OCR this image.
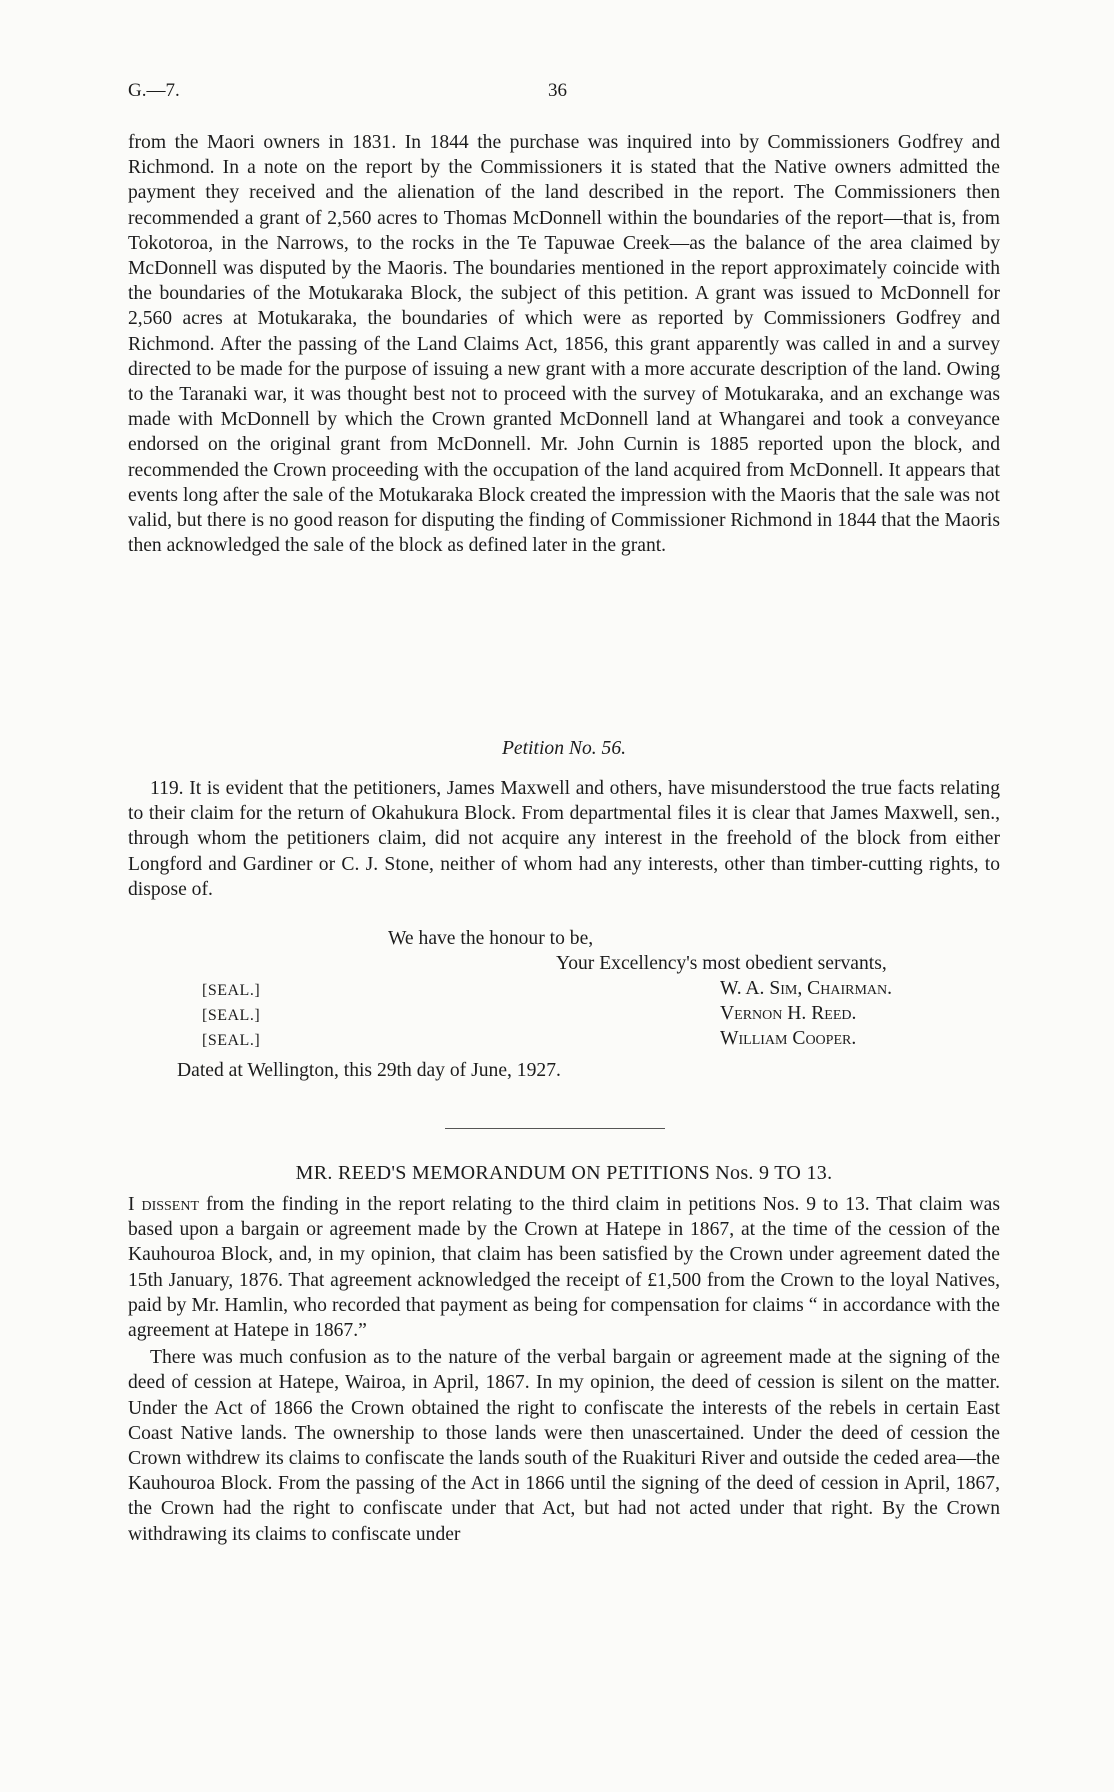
G.—7.	36

from the Maori owners in 1831. In 1844 the purchase was inquired into by Commissioners Godfrey and Richmond. In a note on the report by the Commissioners it is stated that the Native owners admitted the payment they received and the alienation of the land described in the report. The Commissioners then recommended a grant of 2,560 acres to Thomas McDonnell within the boundaries of the report—that is, from Tokotoroa, in the Narrows, to the rocks in the Te Tapuwae Creek—as the balance of the area claimed by McDonnell was disputed by the Maoris. The boundaries mentioned in the report approximately coincide with the boundaries of the Motukaraka Block, the subject of this petition. A grant was issued to McDonnell for 2,560 acres at Motukaraka, the boundaries of which were as reported by Commissioners Godfrey and Richmond. After the passing of the Land Claims Act, 1856, this grant apparently was called in and a survey directed to be made for the purpose of issuing a new grant with a more accurate description of the land. Owing to the Taranaki war, it was thought best not to proceed with the survey of Motukaraka, and an exchange was made with McDonnell by which the Crown granted McDonnell land at Whangarei and took a conveyance endorsed on the original grant from McDonnell. Mr. John Curnin is 1885 reported upon the block, and recommended the Crown proceeding with the occupation of the land acquired from McDonnell. It appears that events long after the sale of the Motukaraka Block created the impression with the Maoris that the sale was not valid, but there is no good reason for disputing the finding of Commissioner Richmond in 1844 that the Maoris then acknowledged the sale of the block as defined later in the grant.

Petition No. 56.

119. It is evident that the petitioners, James Maxwell and others, have misunderstood the true facts relating to their claim for the return of Okahukura Block. From departmental files it is clear that James Maxwell, sen., through whom the petitioners claim, did not acquire any interest in the freehold of the block from either Longford and Gardiner or C. J. Stone, neither of whom had any interests, other than timber-cutting rights, to dispose of.

We have the honour to be,
Your Excellency's most obedient servants,
[SEAL.]
[SEAL.]
[SEAL.]
W. A. Sim, Chairman.
Vernon H. Reed.
William Cooper.
Dated at Wellington, this 29th day of June, 1927.
MR. REED'S MEMORANDUM ON PETITIONS Nos. 9 TO 13.

I dissent from the finding in the report relating to the third claim in petitions Nos. 9 to 13. That claim was based upon a bargain or agreement made by the Crown at Hatepe in 1867, at the time of the cession of the Kauhouroa Block, and, in my opinion, that claim has been satisfied by the Crown under agreement dated the 15th January, 1876. That agreement acknowledged the receipt of £1,500 from the Crown to the loyal Natives, paid by Mr. Hamlin, who recorded that payment as being for compensation for claims “ in accordance with the agreement at Hatepe in 1867.”

There was much confusion as to the nature of the verbal bargain or agreement made at the signing of the deed of cession at Hatepe, Wairoa, in April, 1867. In my opinion, the deed of cession is silent on the matter. Under the Act of 1866 the Crown obtained the right to confiscate the interests of the rebels in certain East Coast Native lands. The ownership to those lands were then unascertained. Under the deed of cession the Crown withdrew its claims to confiscate the lands south of the Ruakituri River and outside the ceded area—the Kauhouroa Block. From the passing of the Act in 1866 until the signing of the deed of cession in April, 1867, the Crown had the right to confiscate under that Act, but had not acted under that right. By the Crown withdrawing its claims to confiscate under
